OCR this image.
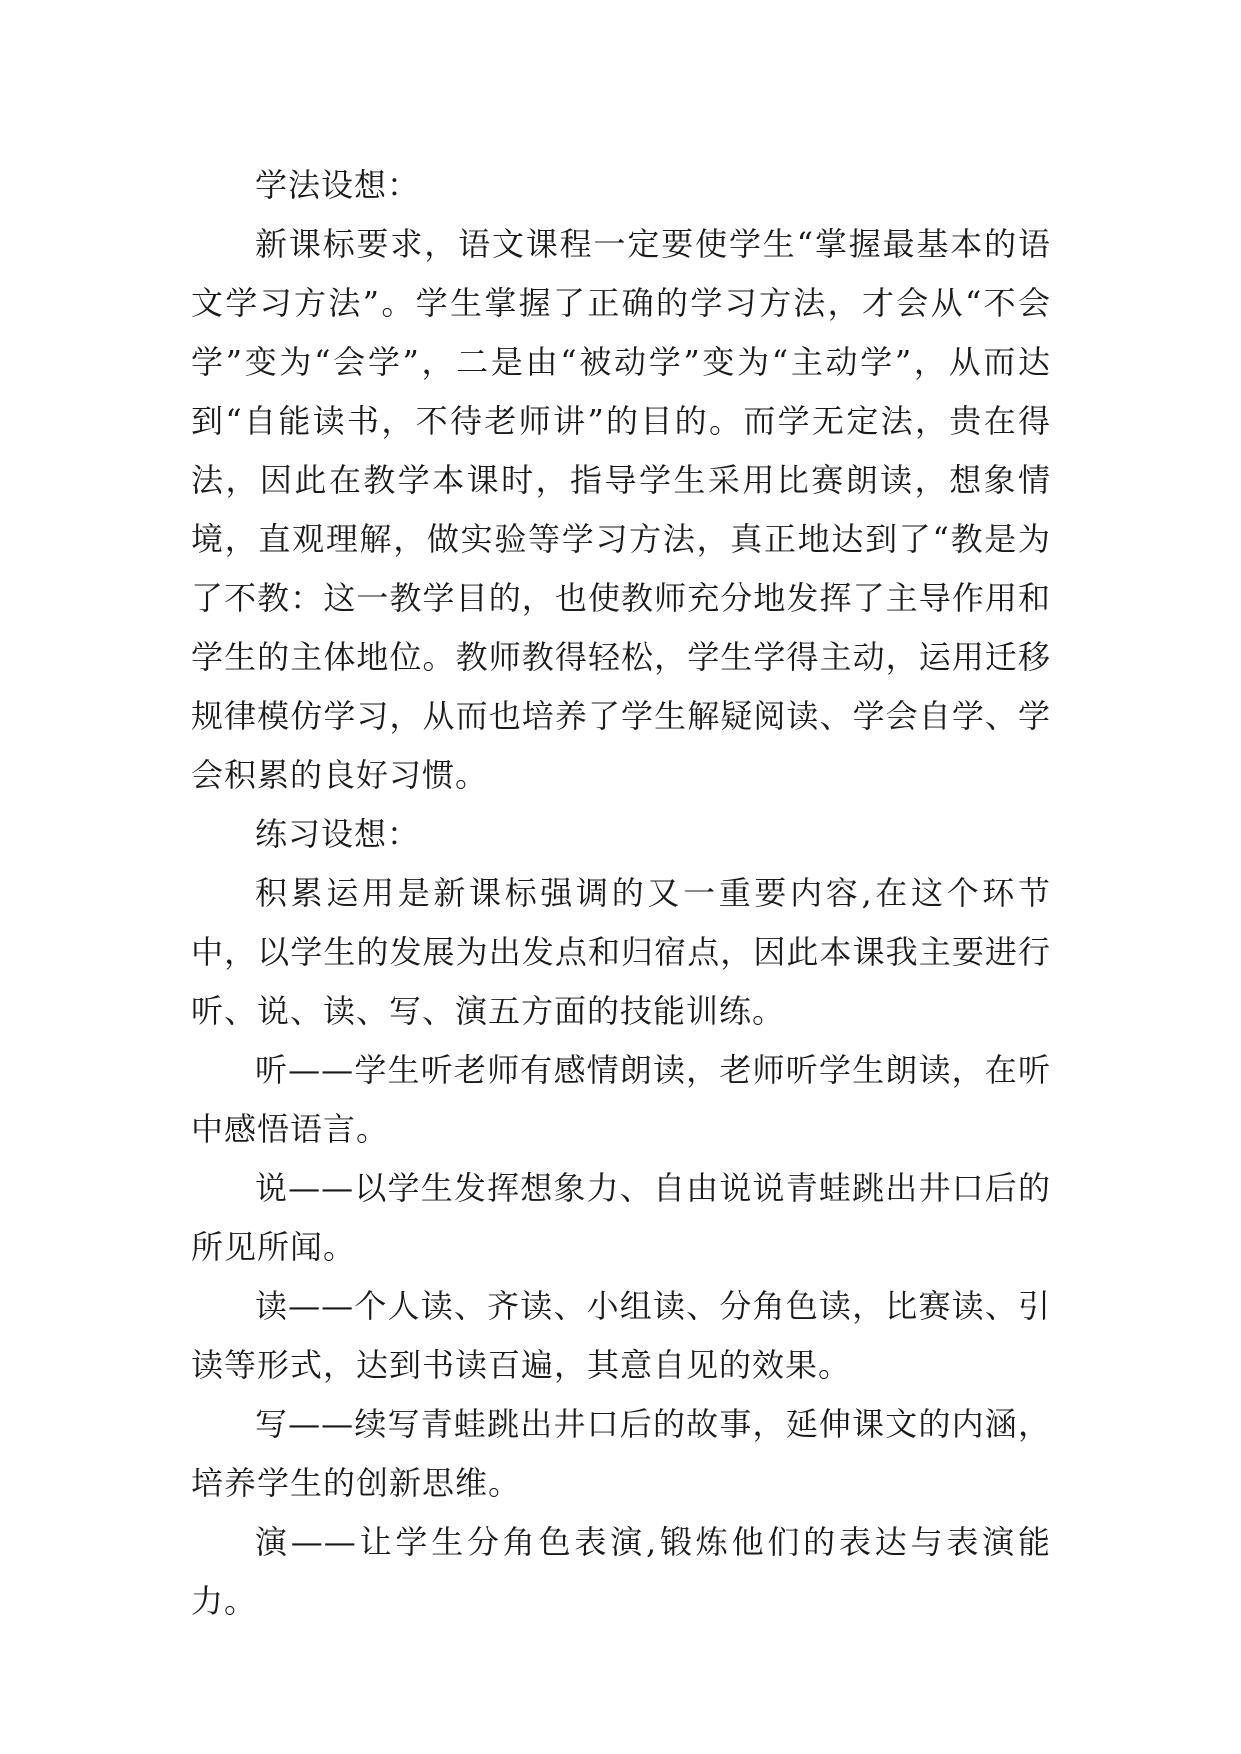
学法设想：

新课标要求，语文课程一定要使学生“掌握最基本的语文学习方法”。学生掌握了正确的学习方法，才会从“不会学”变为“会学”，二是由“被动学”变为“主动学”，从而达到“自能读书，不待老师讲”的目的。而学无定法，贵在得法，因此在教学本课时，指导学生采用比赛朗读，想象情境，直观理解，做实验等学习方法，真正地达到了“教是为了不教：这一教学目的，也使教师充分地发挥了主导作用和学生的主体地位。教师教得轻松，学生学得主动，运用迁移规律模仿学习，从而也培养了学生解疑阅读、学会自学、学会积累的良好习惯。

练习设想：

积累运用是新课标强调的又一重要内容,在这个环节中，以学生的发展为出发点和归宿点，因此本课我主要进行听、说、读、写、演五方面的技能训练。

听——学生听老师有感情朗读，老师听学生朗读，在听中感悟语言。

说——以学生发挥想象力、自由说说青蛙跳出井口后的所见所闻。

读——个人读、齐读、小组读、分角色读，比赛读、引读等形式，达到书读百遍，其意自见的效果。

写——续写青蛙跳出井口后的故事，延伸课文的内涵，培养学生的创新思维。

演——让学生分角色表演,锻炼他们的表达与表演能力。
